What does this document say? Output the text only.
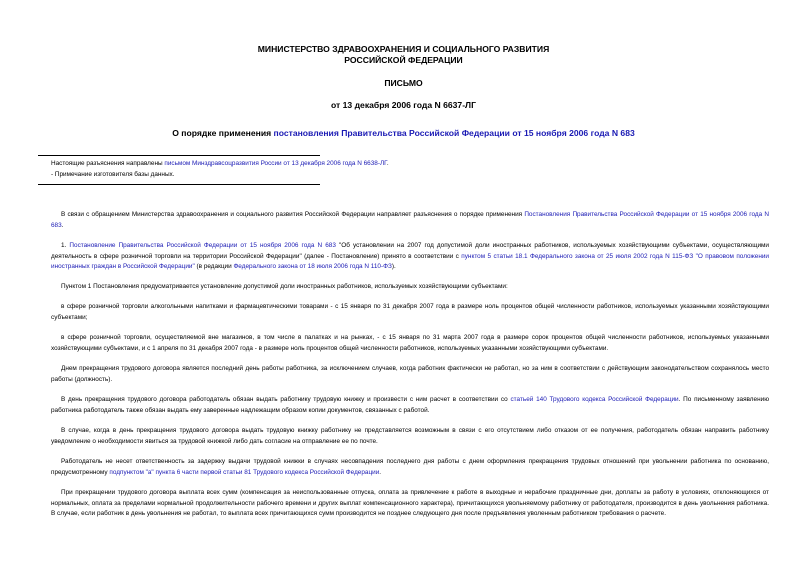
МИНИСТЕРСТВО ЗДРАВООХРАНЕНИЯ И СОЦИАЛЬНОГО РАЗВИТИЯ
РОССИЙСКОЙ ФЕДЕРАЦИИ
ПИСЬМО
от 13 декабря 2006 года N 6637-ЛГ
О порядке применения постановления Правительства Российской Федерации от 15 ноября 2006 года N 683
Настоящие разъяснения направлены письмом Минздравсоцразвития России от 13 декабря 2006 года N 6638-ЛГ.
- Примечание изготовителя базы данных.
В связи с обращением Министерства здравоохранения и социального развития Российской Федерации направляет разъяснения о порядке применения Постановления Правительства Российской Федерации от 15 ноября 2006 года N 683.
1. Постановление Правительства Российской Федерации от 15 ноября 2006 года N 683 "Об установлении на 2007 год допустимой доли иностранных работников, используемых хозяйствующими субъектами, осуществляющими деятельность в сфере розничной торговли на территории Российской Федерации" (далее - Постановление) принято в соответствии с пунктом 5 статьи 18.1 Федерального закона от 25 июля 2002 года N 115-ФЗ "О правовом положении иностранных граждан в Российской Федерации" (в редакции Федерального закона от 18 июля 2006 года N 110-ФЗ).
Пунктом 1 Постановления предусматривается установление допустимой доли иностранных работников, используемых хозяйствующими субъектами:
в сфере розничной торговли алкогольными напитками и фармацевтическими товарами - с 15 января по 31 декабря 2007 года в размере ноль процентов общей численности работников, используемых указанными хозяйствующими субъектами;
в сфере розничной торговли, осуществляемой вне магазинов, в том числе в палатках и на рынках, - с 15 января по 31 марта 2007 года в размере сорок процентов общей численности работников, используемых указанными хозяйствующими субъектами, и с 1 апреля по 31 декабря 2007 года - в размере ноль процентов общей численности работников, используемых указанными хозяйствующими субъектами.
Днем прекращения трудового договора является последний день работы работника, за исключением случаев, когда работник фактически не работал, но за ним в соответствии с действующим законодательством сохранялось место работы (должность).
В день прекращения трудового договора работодатель обязан выдать работнику трудовую книжку и произвести с ним расчет в соответствии со статьей 140 Трудового кодекса Российской Федерации. По письменному заявлению работника работодатель также обязан выдать ему заверенные надлежащим образом копии документов, связанных с работой.
В случае, когда в день прекращения трудового договора выдать трудовую книжку работнику не представляется возможным в связи с его отсутствием либо отказом от ее получения, работодатель обязан направить работнику уведомление о необходимости явиться за трудовой книжкой либо дать согласие на отправление ее по почте.
Работодатель не несет ответственность за задержку выдачи трудовой книжки в случаях несовпадения последнего дня работы с днем оформления прекращения трудовых отношений при увольнении работника по основанию, предусмотренному подпунктом "а" пункта 6 части первой статьи 81 Трудового кодекса Российской Федерации.
При прекращении трудового договора выплата всех сумм (компенсация за неиспользованные отпуска, оплата за привлечение к работе в выходные и нерабочие праздничные дни, доплаты за работу в условиях, отклоняющихся от нормальных, оплата за пределами нормальной продолжительности рабочего времени и других выплат компенсационного характера), причитающихся увольняемому работнику от работодателя, производится в день увольнения работника. В случае, если работник в день увольнения не работал, то выплата всех причитающихся сумм производится не позднее следующего дня после предъявления уволенным работником требования о расчете.
